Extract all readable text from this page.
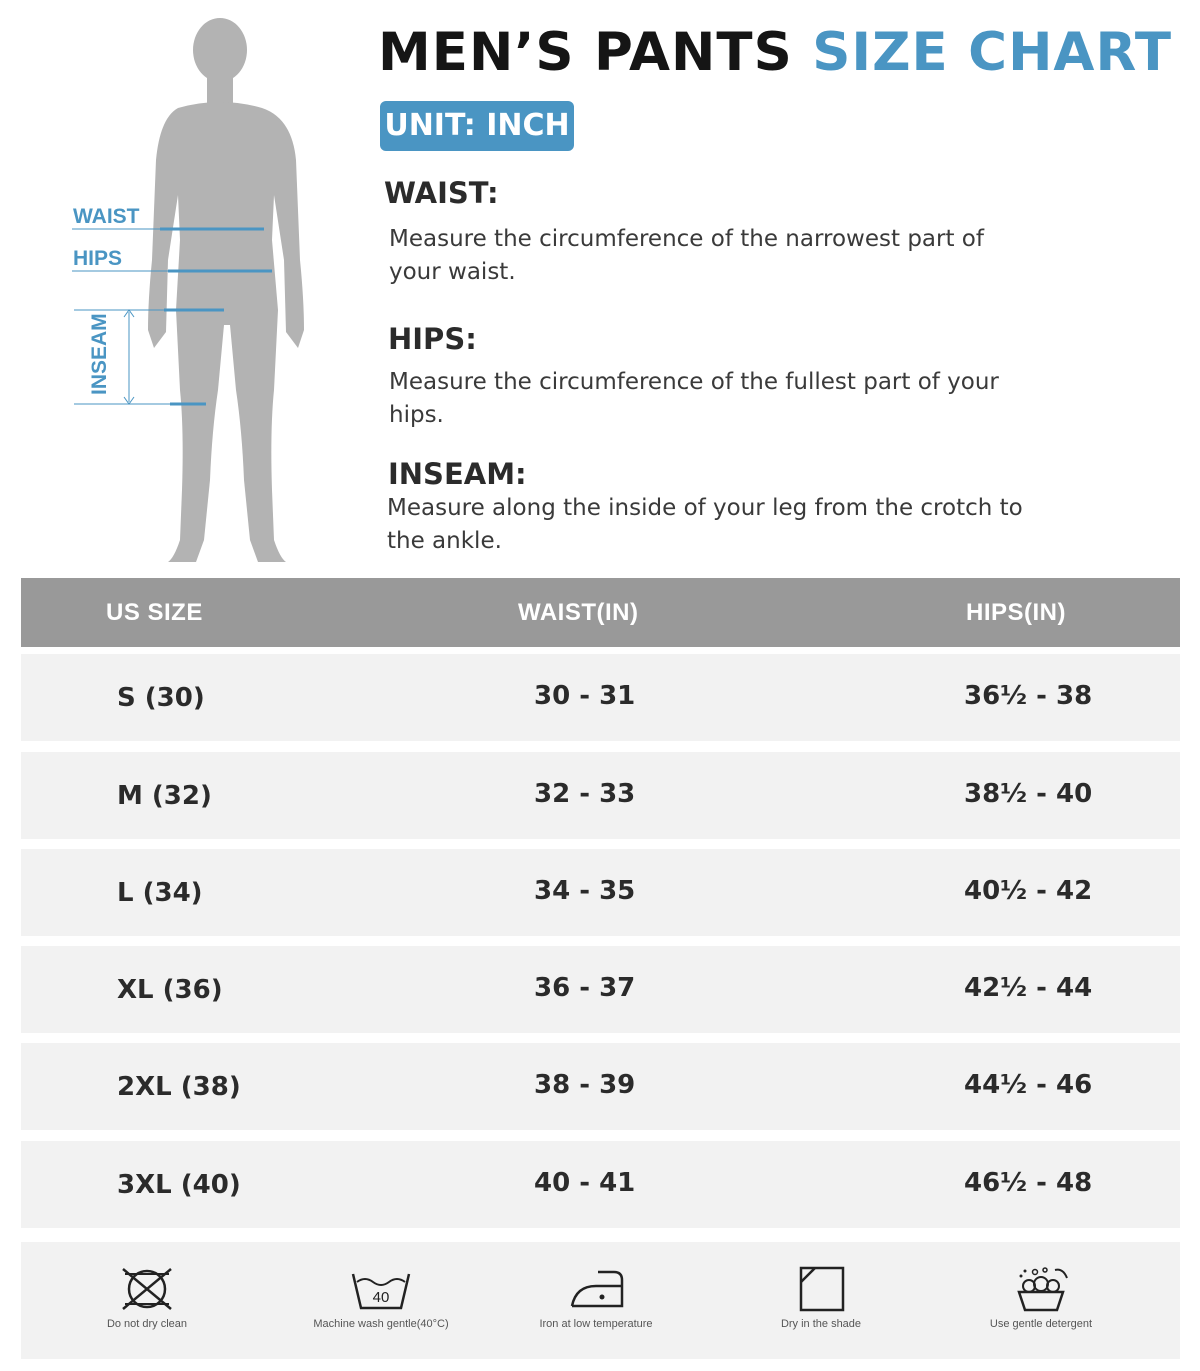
WAIST
HIPS
INSEAM
MEN’S PANTS SIZE CHART
UNIT: INCH
WAIST:
Measure the circumference of the narrowest part of your waist.
HIPS:
Measure the circumference of the fullest part of your hips.
INSEAM:
Measure along the inside of your leg from the crotch to the ankle.
US SIZE	WAIST(IN)	HIPS(IN)
S (30)	30 - 31	36½ - 38
M (32)	32 - 33	38½ - 40
L (34)	34 - 35	40½ - 42
XL (36)	36 - 37	42½ - 44
2XL (38)	38 - 39	44½ - 46
3XL (40)	40 - 41	46½ - 48
Do not dry clean
40
Machine wash gentle(40°C)	Iron at low temperature	Dry in the shade	Use gentle detergent
